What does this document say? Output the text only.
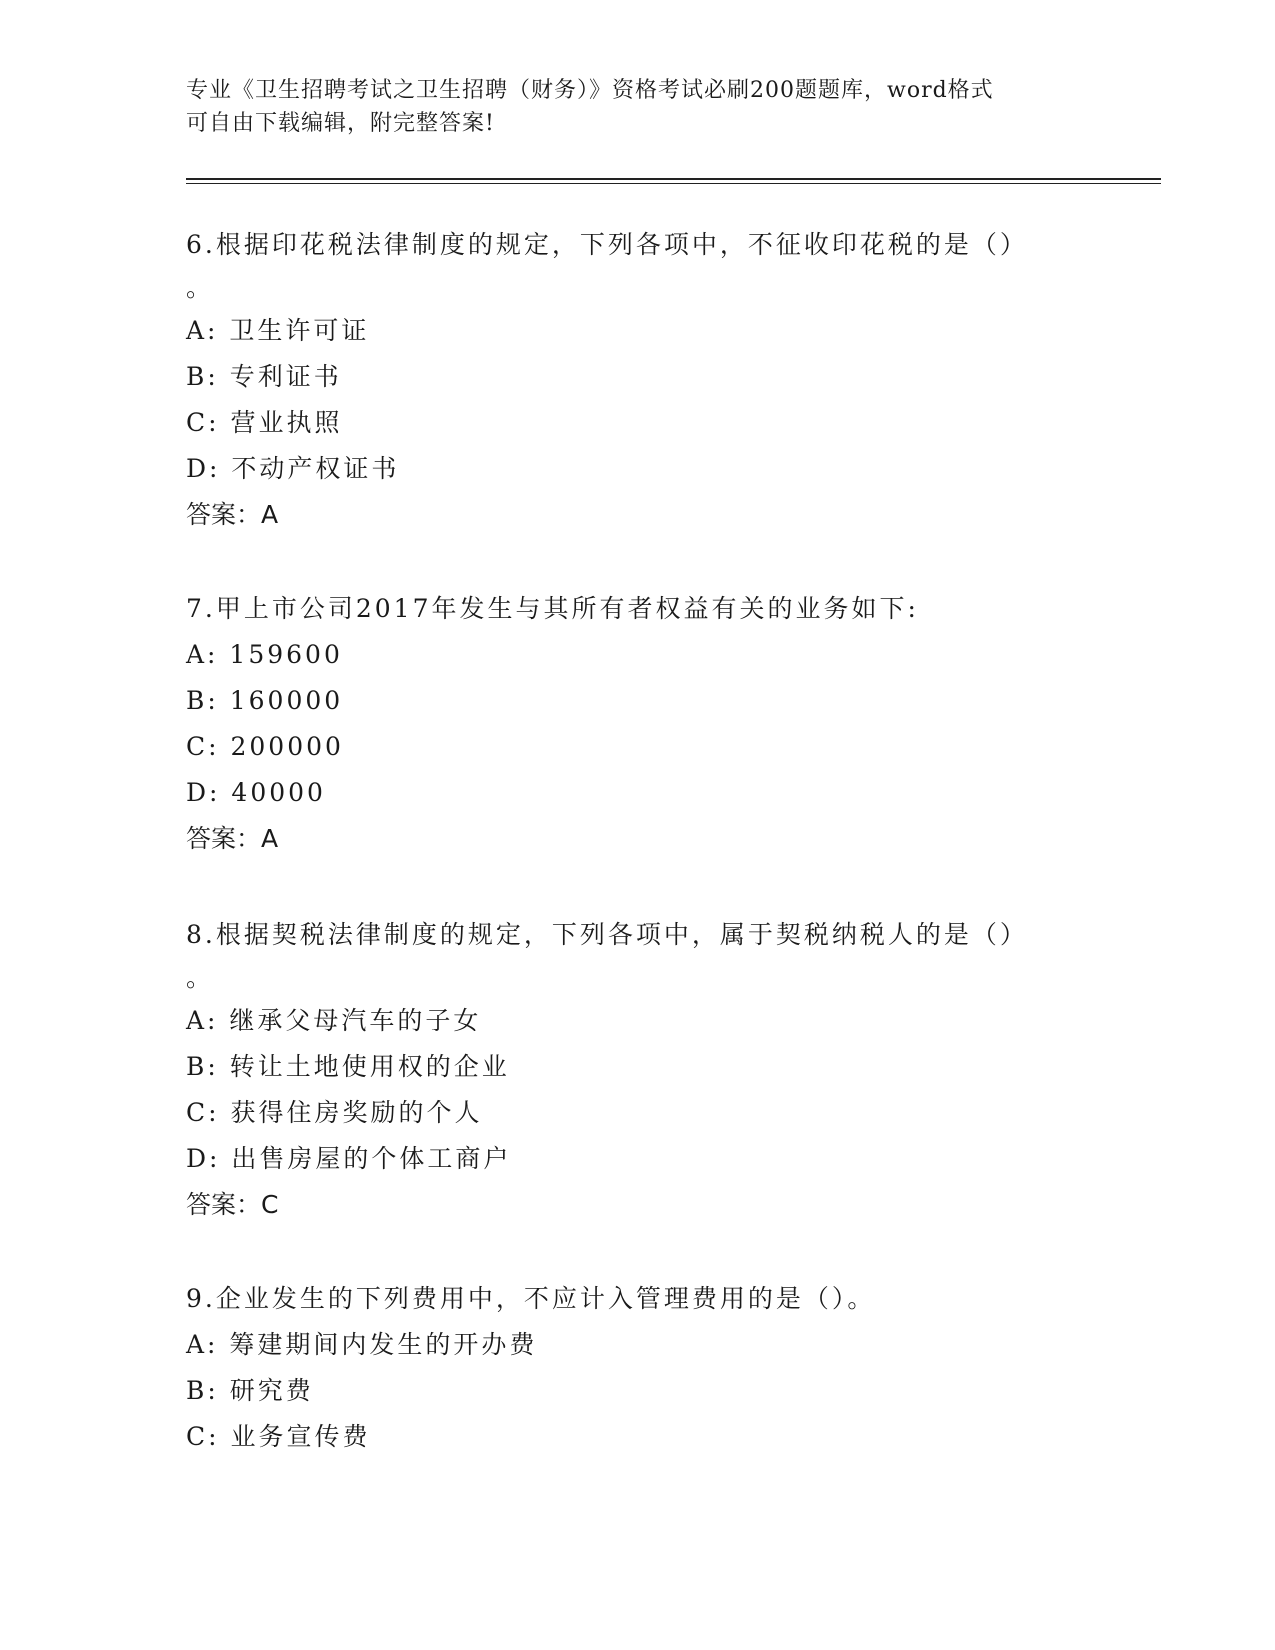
专业《卫生招聘考试之卫生招聘（财务）》资格考试必刷200题题库，word格式
可自由下载编辑，附完整答案!
6.根据印花税法律制度的规定，下列各项中，不征收印花税的是（）
。
A: 卫生许可证
B: 专利证书
C: 营业执照
D: 不动产权证书
答案：A
7.甲上市公司2017年发生与其所有者权益有关的业务如下:
A: 159600
B: 160000
C: 200000
D: 40000
答案：A
8.根据契税法律制度的规定，下列各项中，属于契税纳税人的是（）
。
A: 继承父母汽车的子女
B: 转让土地使用权的企业
C: 获得住房奖励的个人
D: 出售房屋的个体工商户
答案：C
9.企业发生的下列费用中，不应计入管理费用的是（）。
A: 筹建期间内发生的开办费
B: 研究费
C: 业务宣传费
